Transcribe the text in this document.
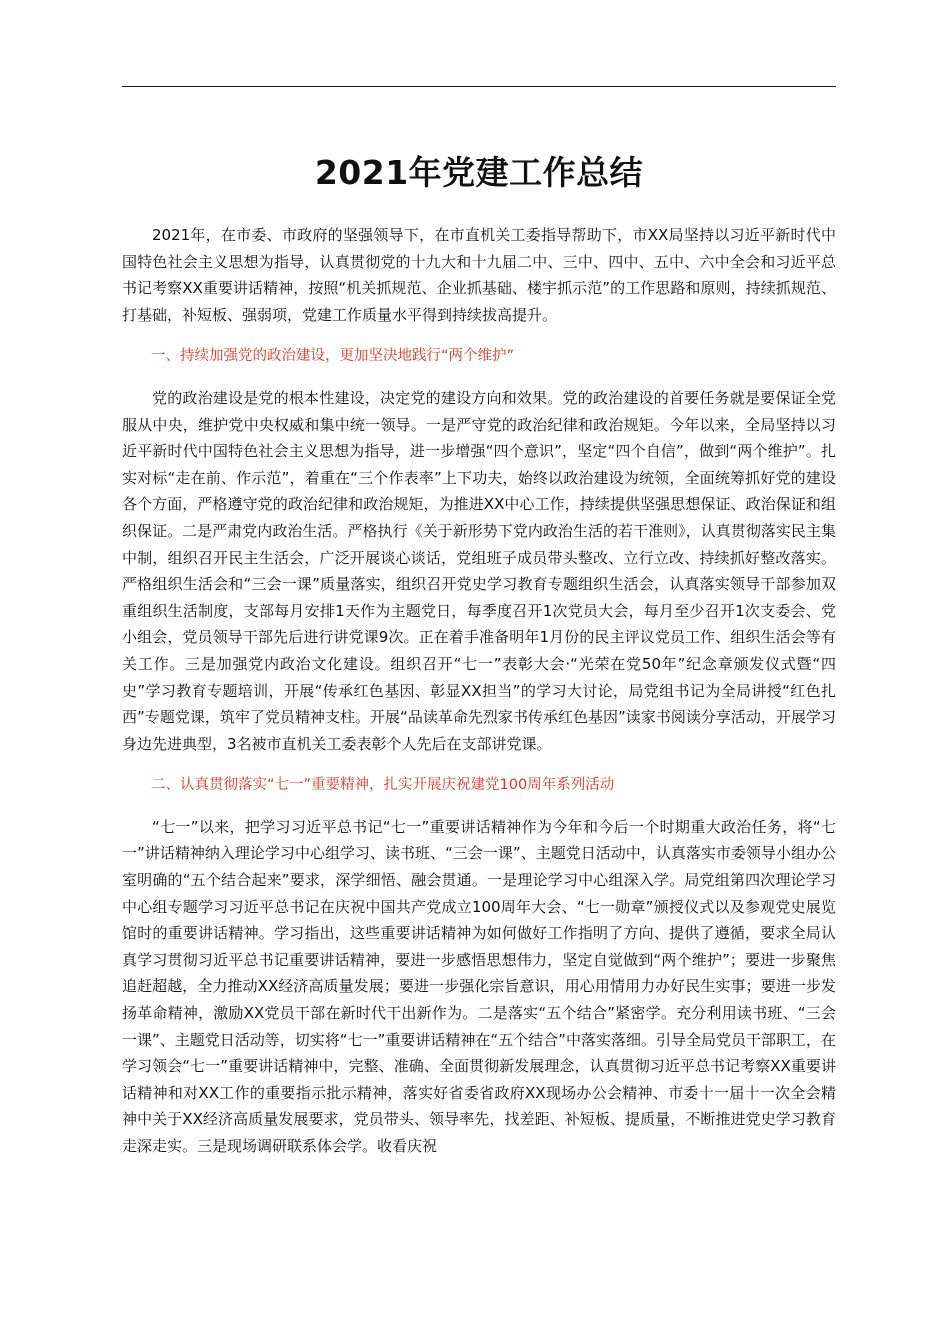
2021年党建工作总结

2021年，在市委、市政府的坚强领导下，在市直机关工委指导帮助下，市XX局坚持以习近平新时代中国特色社会主义思想为指导，认真贯彻党的十九大和十九届二中、三中、四中、五中、六中全会和习近平总书记考察XX重要讲话精神，按照“机关抓规范、企业抓基础、楼宇抓示范”的工作思路和原则，持续抓规范、打基础，补短板、强弱项，党建工作质量水平得到持续拔高提升。

一、持续加强党的政治建设，更加坚决地践行“两个维护”

党的政治建设是党的根本性建设，决定党的建设方向和效果。党的政治建设的首要任务就是要保证全党服从中央，维护党中央权威和集中统一领导。一是严守党的政治纪律和政治规矩。今年以来，全局坚持以习近平新时代中国特色社会主义思想为指导，进一步增强“四个意识”，坚定“四个自信”，做到“两个维护”。扎实对标“走在前、作示范”，着重在“三个作表率”上下功夫，始终以政治建设为统领，全面统筹抓好党的建设各个方面，严格遵守党的政治纪律和政治规矩，为推进XX中心工作，持续提供坚强思想保证、政治保证和组织保证。二是严肃党内政治生活。严格执行《关于新形势下党内政治生活的若干准则》，认真贯彻落实民主集中制，组织召开民主生活会，广泛开展谈心谈话，党组班子成员带头整改、立行立改、持续抓好整改落实。严格组织生活会和“三会一课”质量落实，组织召开党史学习教育专题组织生活会，认真落实领导干部参加双重组织生活制度，支部每月安排1天作为主题党日，每季度召开1次党员大会，每月至少召开1次支委会、党小组会，党员领导干部先后进行讲党课9次。正在着手准备明年1月份的民主评议党员工作、组织生活会等有关工作。三是加强党内政治文化建设。组织召开“七一”表彰大会·“光荣在党50年”纪念章颁发仪式暨“四史”学习教育专题培训，开展“传承红色基因、彰显XX担当”的学习大讨论，局党组书记为全局讲授“红色扎西”专题党课，筑牢了党员精神支柱。开展“品读革命先烈家书传承红色基因”读家书阅读分享活动，开展学习身边先进典型，3名被市直机关工委表彰个人先后在支部讲党课。

二、认真贯彻落实“七一”重要精神，扎实开展庆祝建党100周年系列活动

“七一”以来，把学习习近平总书记“七一”重要讲话精神作为今年和今后一个时期重大政治任务，将“七一”讲话精神纳入理论学习中心组学习、读书班、“三会一课”、主题党日活动中，认真落实市委领导小组办公室明确的“五个结合起来”要求，深学细悟、融会贯通。一是理论学习中心组深入学。局党组第四次理论学习中心组专题学习习近平总书记在庆祝中国共产党成立100周年大会、“七一勋章”颁授仪式以及参观党史展览馆时的重要讲话精神。学习指出，这些重要讲话精神为如何做好工作指明了方向、提供了遵循，要求全局认真学习贯彻习近平总书记重要讲话精神，要进一步感悟思想伟力，坚定自觉做到“两个维护”；要进一步聚焦追赶超越，全力推动XX经济高质量发展；要进一步强化宗旨意识，用心用情用力办好民生实事；要进一步发扬革命精神，激励XX党员干部在新时代干出新作为。二是落实“五个结合”紧密学。充分利用读书班、“三会一课”、主题党日活动等，切实将“七一”重要讲话精神在“五个结合”中落实落细。引导全局党员干部职工，在学习领会“七一”重要讲话精神中，完整、准确、全面贯彻新发展理念，认真贯彻习近平总书记考察XX重要讲话精神和对XX工作的重要指示批示精神，落实好省委省政府XX现场办公会精神、市委十一届十一次全会精神中关于XX经济高质量发展要求，党员带头、领导率先，找差距、补短板、提质量，不断推进党史学习教育走深走实。三是现场调研联系体会学。收看庆祝
